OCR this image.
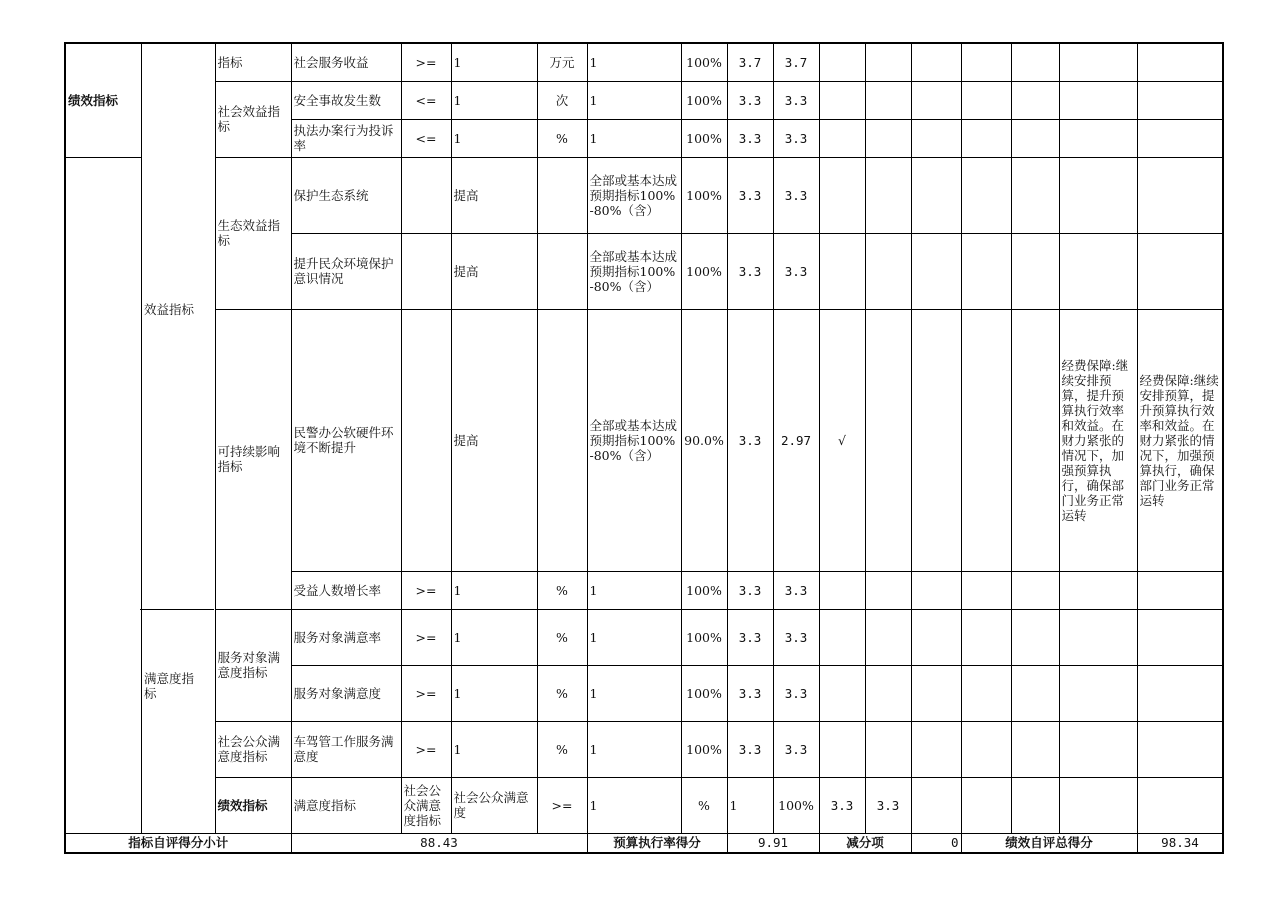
绩效指标		指标	社会服务收益	>=	1	万元	1	100%	3.7	3.7								
		社会效益指标	安全事故发生数	<=	1	次	1	100%	3.3	3.3								
			执法办案行为投诉率	<=	1	%	1	100%	3.3	3.3								
		生态效益指标	保护生态系统		提高		全部或基本达成预期指标100%-80%（含）	100%	3.3	3.3								
			提升民众环境保护意识情况		提高		全部或基本达成预期指标100%-80%（含）	100%	3.3	3.3								
		可持续影响指标	民警办公软硬件环境不断提升		提高		全部或基本达成预期指标100%-80%（含）	90.0%	3.3	2.97	√					经费保障:继续安排预算，提升预算执行效率和效益。在财力紧张的情况下，加强预算执行，确保部门业务正常运转	经费保障:继续安排预算，提升预算执行效率和效益。在财力紧张的情况下，加强预算执行，确保部门业务正常运转	
			受益人数增长率	>=	1	%	1	100%	3.3	3.3								
		服务对象满意度指标	服务对象满意率	>=	1	%	1	100%	3.3	3.3								
			服务对象满意度	>=	1	%	1	100%	3.3	3.3								
		社会公众满意度指标	车驾管工作服务满意度	>=	1	%	1	100%	3.3	3.3								
		绩效指标	满意度指标	社会公众满意度指标	社会公众满意度	>=	1	%	1	100%	3.3	3.3							
指标自评得分小计			88.43				预算执行率得分		9.91		减分项		0	绩效自评总得分			98.34	
效益指标
满意度指
标
